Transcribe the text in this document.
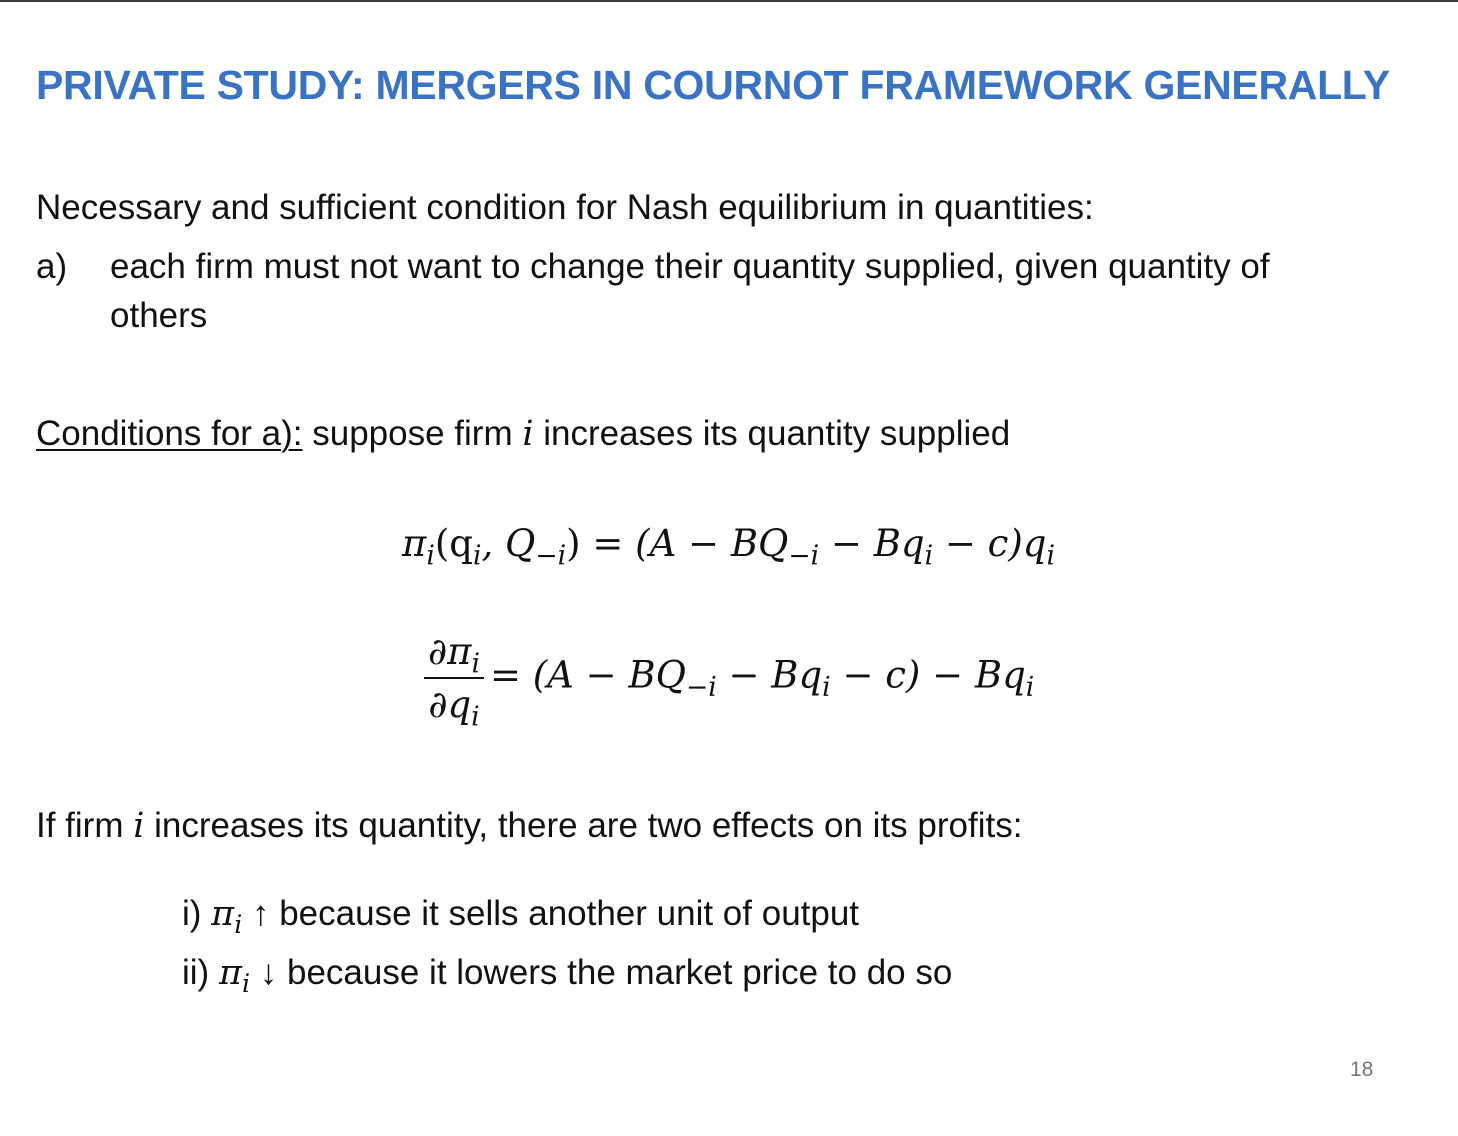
PRIVATE STUDY: MERGERS IN COURNOT FRAMEWORK GENERALLY
Necessary and sufficient condition for Nash equilibrium in quantities:
a) each firm must not want to change their quantity supplied, given quantity of
others
Conditions for a): suppose firm i increases its quantity supplied
$\pi_i(q_i$, $Q_{-i}) = (A - BQ_{-i} - Bq_i - c)q_i$
$\frac{\partial\pi_i}{\partial q_i} = (A - BQ_{-i} - Bq_i - c) - Bq_i$
If firm i increases its quantity, there are two effects on its profits:
i) $\pi_i$ ↑ because it sells another unit of output
ii) $\pi_i$ ↓ because it lowers the market price to do so
18
